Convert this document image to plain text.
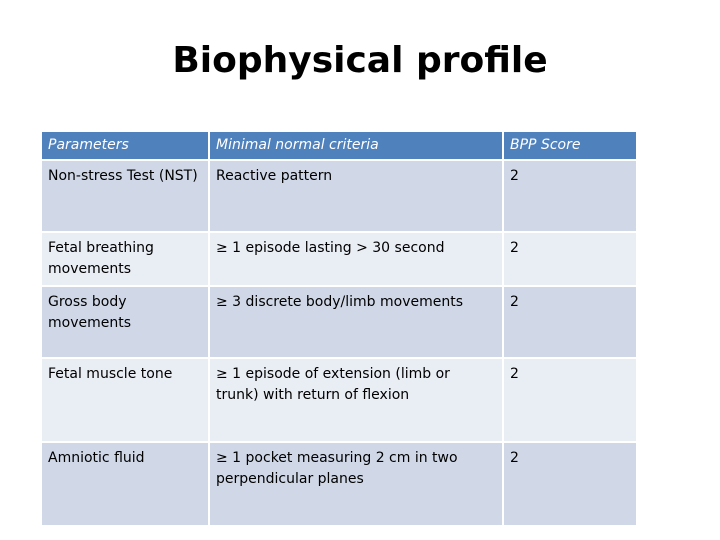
Biophysical profile
Parameters	Minimal normal criteria	BPP Score
Non-stress Test (NST)	Reactive pattern	2
Fetal breathing movements	≥ 1 episode lasting > 30 second	2
Gross body movements	≥ 3 discrete body/limb movements	2
Fetal muscle tone	≥ 1 episode of extension (limb or trunk) with return of flexion	2
Amniotic fluid	≥ 1 pocket measuring 2 cm in two perpendicular planes	2
